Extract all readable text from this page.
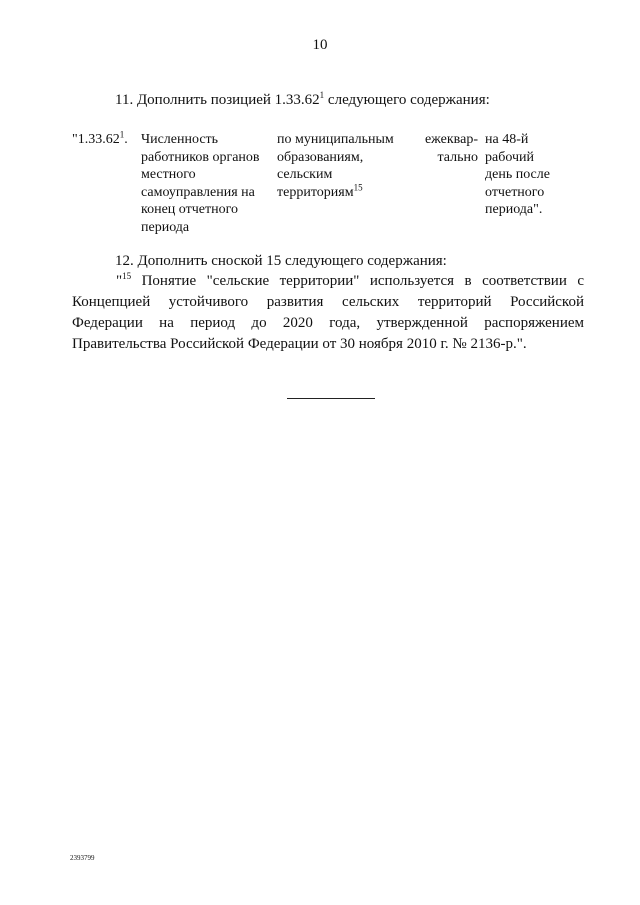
10
11. Дополнить позицией 1.33.62$^1$ следующего содержания:
"1.33.62$^1$. Численность
работников органов
местного
самоуправления на
конец отчетного
периода
по муниципальным
образованиям,
сельским
территориям$^{15}$
ежеквар-
тально
на 48-й
рабочий
день после
отчетного
периода".
12. Дополнить сноской 15 следующего содержания:
"$^{15}$ Понятие "сельские территории" используется в соответствии с Концепцией устойчивого развития сельских территорий Российской Федерации на период до 2020 года, утвержденной распоряжением Правительства Российской Федерации от 30 ноября 2010 г. № 2136-р.".
2393799
